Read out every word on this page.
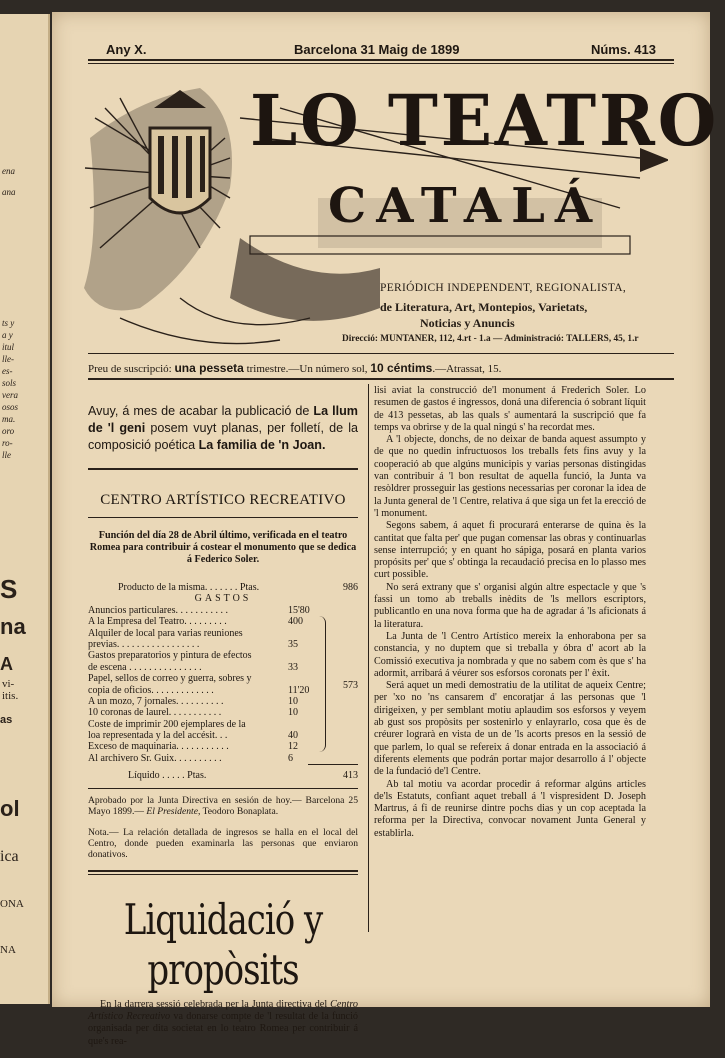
ena
ana
ts y
a y
itul
lle-
es-
sols
vera
osos
ma.
oro
ro-
lle
S
na
A
vi-
itis.
as
ol
ica
ONA
NA
Any X.	Barcelona 31 Maig de 1899	Núms. 413
LO TEATRO
CATALÁ
PERIÓDICH INDEPENDENT, REGIONALISTA,
de Literatura, Art, Montepios, Varietats,
Noticias y Anuncis
Direcció: MUNTANER, 112, 4.rt - 1.a — Administració: TALLERS, 45, 1.r
Preu de suscripció: una pesseta trimestre.—Un número sol, 10 céntims.—Atrassat, 15.

Avuy, á mes de acabar la publicació de La llum de 'l geni posem vuyt planas, per folletí, de la composició poética La familia de 'n Joan.

CENTRO ARTÍSTICO RECREATIVO
Función del día 28 de Abril último, verificada en el teatro Romea para contribuir á costear el monumento que se dedica á Federico Soler.
Producto de la misma. . . . . . . Ptas.	986
GASTOS
Anuncios particulares. . . . . . . . . . .	15'80
A la Empresa del Teatro. . . . . . . . .	400
Alquiler de local para varias reuniones
previas. . . . . . . . . . . . . . . . .	35
Gastos preparatorios y pintura de efectos
de escena . . . . . . . . . . . . . . .	33
Papel, sellos de correo y guerra, sobres y
copia de oficios. . . . . . . . . . . . .	11'20
A un mozo, 7 jornales. . . . . . . . . .	10
10 coronas de laurel. . . . . . . . . . .	10
Coste de imprimir 200 ejemplares de la
loa representada y la del accésit. . .	40
Exceso de maquinaria. . . . . . . . . . .	12
Al archivero Sr. Guix. . . . . . . . . .	6
573
Líquido . . . . . Ptas.	413

Aprobado por la Junta Directiva en sesión de hoy.— Barcelona 25 Mayo 1899.— El Presidente, Teodoro Bonaplata.

Nota.— La relación detallada de ingresos se halla en el local del Centro, donde pueden examinarla las personas que enviaron donativos.

Liquidació y propòsits

En la darrera sessió celebrada per la Junta directiva del Centro Artístico Recreativo va donarse compte de 'l resultat de la funció organisada per dita societat en lo teatro Romea per contribuir á que's rea-

lisi aviat la construcció de'l monument á Frederich Soler. Lo resumen de gastos é ingressos, doná una diferencia ó sobrant líquit de 413 pessetas, ab las quals s' aumentará la suscripció que fa temps va obrirse y de la qual ningú s' ha recordat mes.

A 'l objecte, donchs, de no deixar de banda aquest assumpto y de que no quedin infructuosos los treballs fets fins avuy y la cooperació ab que algúns municipis y varias personas distingidas van contribuir á 'l bon resultat de aquella funció, la Junta va resòldrer prosseguir las gestions necessarias per coronar la idea de la Junta general de 'l Centre, relativa á que siga un fet la erecció de 'l monument.

Segons sabem, á aquet fi procurará enterarse de quina ès la cantitat que falta per' que pugan comensar las obras y continuarlas sense interrupció; y en quant ho sápiga, posará en planta varios propósits per' que s' obtinga la recaudació precisa en lo plasso mes curt possible.

No será extrany que s' organisi algún altre espectacle y que 's fassi un tomo ab treballs inèdits de 'ls mellors escriptors, publicantlo en una nova forma que ha de agradar á 'ls aficionats á la literatura.

La Junta de 'l Centro Artístico mereix la enhorabona per sa constancia, y no duptem que si treballa y óbra d' acort ab la Comissió executiva ja nombrada y que no sabem com ès que s' ha adormit, arribará á véurer sos esforsos coronats per l' èxit.

Será aquet un medi demostratiu de la utilitat de aqueix Centre; per 'xo no 'ns cansarem d' encoratjar á las personas que 'l dirigeixen, y per semblant motiu aplaudim sos esforsos y veyem ab gust sos propòsits per sostenirlo y enlayrarlo, cosa que ès de créurer lograrà en vista de un de 'ls acorts presos en la sessió de que parlem, lo qual se refereix á donar entrada en la associació á diferents elements que podrán portar major desarrollo á l' objecte de la fundació de'l Centre.

Ab tal motiu va acordar procedir á reformar algúns articles de'ls Estatuts, confiant aquet treball á 'l vispresident D. Joseph Martrus, á fi de reunirse dintre pochs dias y un cop aceptada la reforma per la Directiva, convocar novament Junta General y establirla.
